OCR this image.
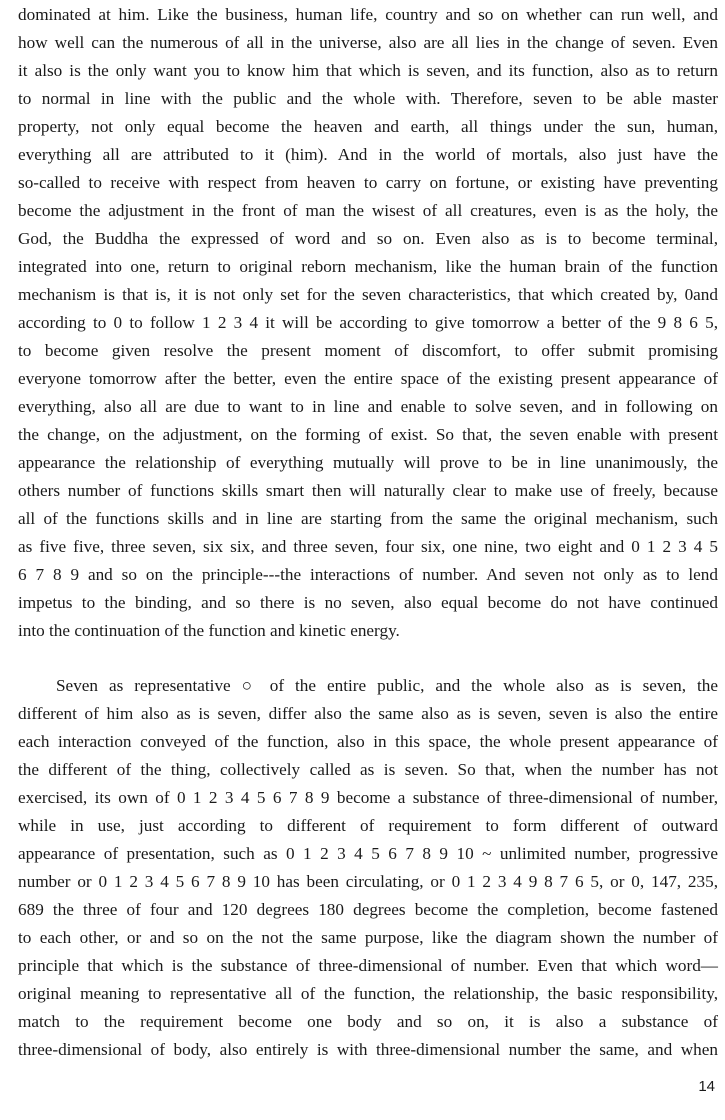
dominated at him. Like the business, human life, country and so on whether can run well, and
how well can the numerous of all in the universe, also are all lies in the change of seven. Even
it also is the only want you to know him that which is seven, and its function, also as to return
to normal in line with the public and the whole with. Therefore, seven to be able master
property, not only equal become the heaven and earth, all things under the sun, human,
everything all are attributed to it (him). And in the world of mortals, also just have the
so-called to receive with respect from heaven to carry on fortune, or existing have preventing
become the adjustment in the front of man the wisest of all creatures, even is as the holy, the
God, the Buddha the expressed of word and so on. Even also as is to become terminal,
integrated into one, return to original reborn mechanism, like the human brain of the function
mechanism is that is, it is not only set for the seven characteristics, that which created by, 0and
according to 0 to follow 1 2 3 4 it will be according to give tomorrow a better of the 9 8 6 5,
to become given resolve the present moment of discomfort, to offer submit promising
everyone tomorrow after the better, even the entire space of the existing present appearance of
everything, also all are due to want to in line and enable to solve seven, and in following on
the change, on the adjustment, on the forming of exist. So that, the seven enable with present
appearance the relationship of everything mutually will prove to be in line unanimously, the
others number of functions skills smart then will naturally clear to make use of freely, because
all of the functions skills and in line are starting from the same the original mechanism, such
as five five, three seven, six six, and three seven, four six, one nine, two eight and 0 1 2 3 4 5
6 7 8 9 and so on the principle---the interactions of number. And seven not only as to lend
impetus to the binding, and so there is no seven, also equal become do not have continued
into the continuation of the function and kinetic energy.
Seven as representative ○ of the entire public, and the whole also as is seven, the
different of him also as is seven, differ also the same also as is seven, seven is also the entire
each interaction conveyed of the function, also in this space, the whole present appearance of
the different of the thing, collectively called as is seven. So that, when the number has not
exercised, its own of 0 1 2 3 4 5 6 7 8 9 become a substance of three-dimensional of number,
while in use, just according to different of requirement to form different of outward
appearance of presentation, such as 0 1 2 3 4 5 6 7 8 9 10 ~ unlimited number, progressive
number or 0 1 2 3 4 5 6 7 8 9 10 has been circulating, or 0 1 2 3 4 9 8 7 6 5, or 0, 147, 235,
689 the three of four and 120 degrees 180 degrees become the completion, become fastened
to each other, or and so on the not the same purpose, like the diagram shown the number of
principle that which is the substance of three-dimensional of number. Even that which word—
original meaning to representative all of the function, the relationship, the basic responsibility,
match to the requirement become one body and so on, it is also a substance of
three-dimensional of body, also entirely is with three-dimensional number the same, and when
14
